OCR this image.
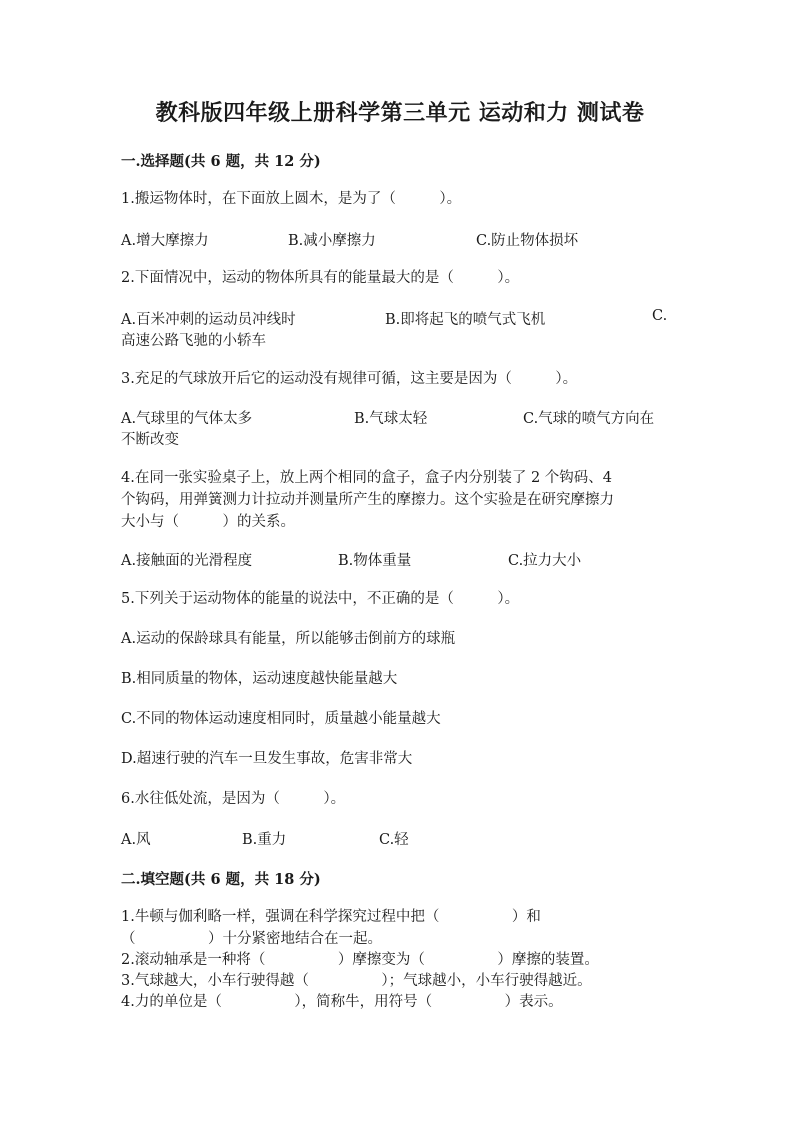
教科版四年级上册科学第三单元 运动和力 测试卷
一.选择题(共 6 题，共 12 分)
1.搬运物体时，在下面放上圆木，是为了（　　　）。
A.增大摩擦力	B.减小摩擦力	C.防止物体损坏
2.下面情况中，运动的物体所具有的能量最大的是（　　　）。
A.百米冲刺的运动员冲线时	B.即将起飞的喷气式飞机	C.
高速公路飞驰的小轿车
3.充足的气球放开后它的运动没有规律可循，这主要是因为（　　　）。
A.气球里的气体太多	B.气球太轻	C.气球的喷气方向在
不断改变
4.在同一张实验桌子上，放上两个相同的盒子，盒子内分别装了 2 个钩码、4
个钩码，用弹簧测力计拉动并测量所产生的摩擦力。这个实验是在研究摩擦力
大小与（　　　）的关系。
A.接触面的光滑程度	B.物体重量	C.拉力大小
5.下列关于运动物体的能量的说法中，不正确的是（　　　）。
A.运动的保龄球具有能量，所以能够击倒前方的球瓶
B.相同质量的物体，运动速度越快能量越大
C.不同的物体运动速度相同时，质量越小能量越大
D.超速行驶的汽车一旦发生事故，危害非常大
6.水往低处流，是因为（　　　）。
A.风	B.重力	C.轻
二.填空题(共 6 题，共 18 分)
1.牛顿与伽利略一样，强调在科学探究过程中把（　　　　　）和
（　　　　　）十分紧密地结合在一起。
2.滚动轴承是一种将（　　　　　）摩擦变为（　　　　　）摩擦的装置。
3.气球越大，小车行驶得越（　　　　　）；气球越小，小车行驶得越近。
4.力的单位是（　　　　　），简称牛，用符号（　　　　　）表示。
